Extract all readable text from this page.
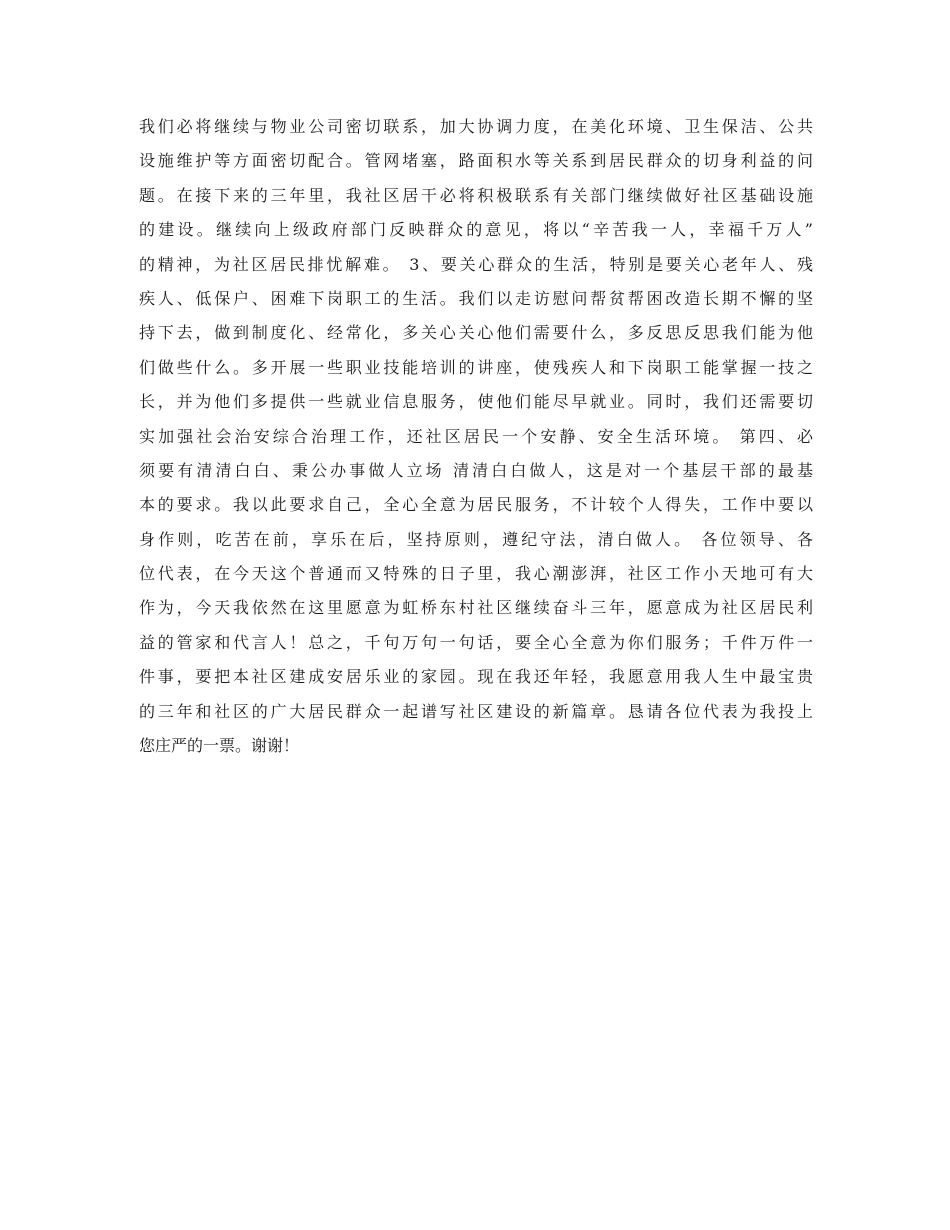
我们必将继续与物业公司密切联系，加大协调力度，在美化环境、卫生保洁、公共
设施维护等方面密切配合。管网堵塞，路面积水等关系到居民群众的切身利益的问
题。在接下来的三年里，我社区居干必将积极联系有关部门继续做好社区基础设施
的建设。继续向上级政府部门反映群众的意见，将以“辛苦我一人，幸福千万人”
的精神，为社区居民排忧解难。 3、要关心群众的生活，特别是要关心老年人、残
疾人、低保户、困难下岗职工的生活。我们以走访慰问帮贫帮困改造长期不懈的坚
持下去，做到制度化、经常化，多关心关心他们需要什么，多反思反思我们能为他
们做些什么。多开展一些职业技能培训的讲座，使残疾人和下岗职工能掌握一技之
长，并为他们多提供一些就业信息服务，使他们能尽早就业。同时，我们还需要切
实加强社会治安综合治理工作，还社区居民一个安静、安全生活环境。 第四、必
须要有清清白白、秉公办事做人立场 清清白白做人，这是对一个基层干部的最基
本的要求。我以此要求自己，全心全意为居民服务，不计较个人得失，工作中要以
身作则，吃苦在前，享乐在后，坚持原则，遵纪守法，清白做人。 各位领导、各
位代表，在今天这个普通而又特殊的日子里，我心潮澎湃，社区工作小天地可有大
作为，今天我依然在这里愿意为虹桥东村社区继续奋斗三年，愿意成为社区居民利
益的管家和代言人！总之，千句万句一句话，要全心全意为你们服务；千件万件一
件事，要把本社区建成安居乐业的家园。现在我还年轻，我愿意用我人生中最宝贵
的三年和社区的广大居民群众一起谱写社区建设的新篇章。恳请各位代表为我投上
您庄严的一票。谢谢！
